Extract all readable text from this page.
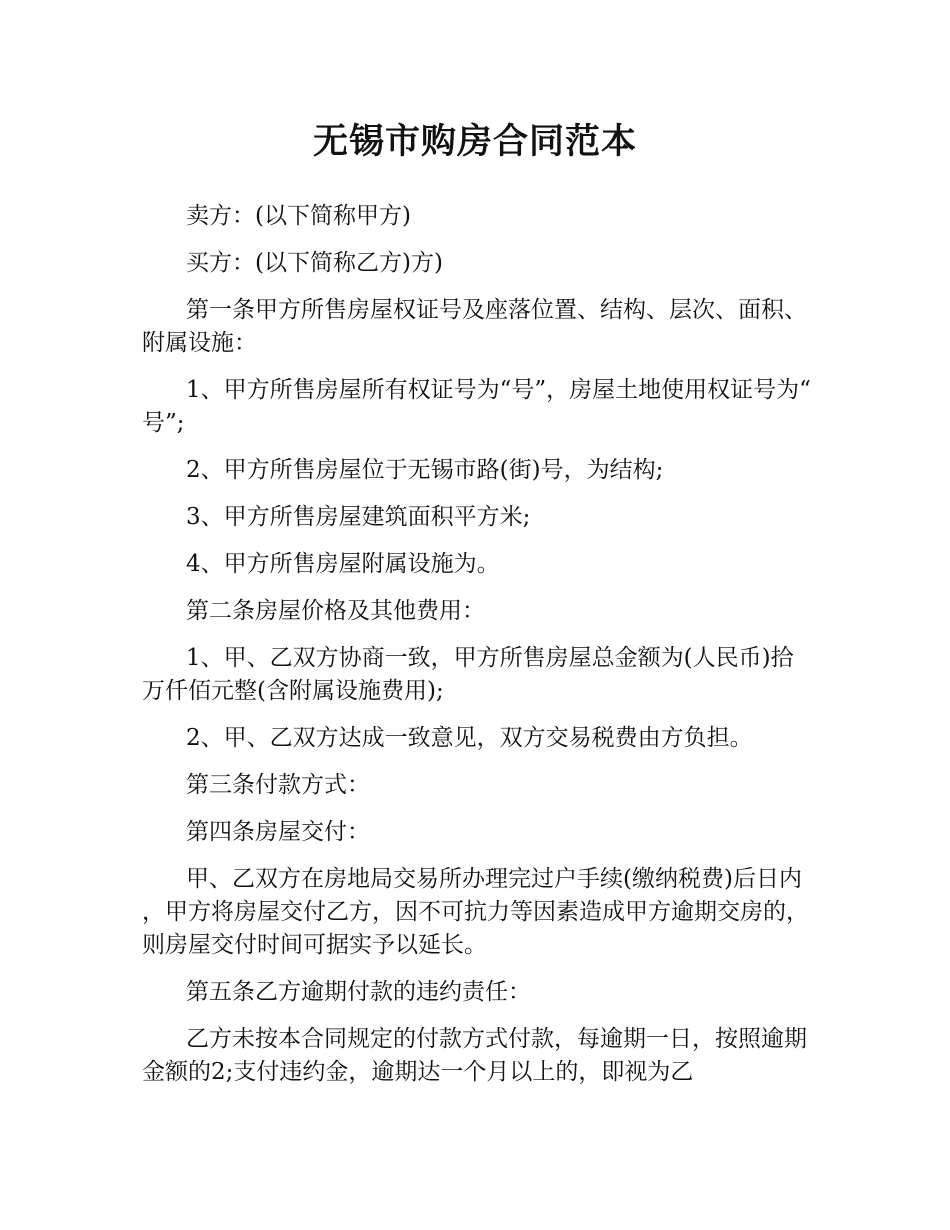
无锡市购房合同范本

卖方：(以下简称甲方)

买方：(以下简称乙方)方)

第一条甲方所售房屋权证号及座落位置、结构、层次、面积、附属设施：

1、甲方所售房屋所有权证号为“号”，房屋土地使用权证号为“号”;

2、甲方所售房屋位于无锡市路(街)号，为结构;

3、甲方所售房屋建筑面积平方米;

4、甲方所售房屋附属设施为。

第二条房屋价格及其他费用：

1、甲、乙双方协商一致，甲方所售房屋总金额为(人民币)拾万仟佰元整(含附属设施费用);

2、甲、乙双方达成一致意见，双方交易税费由方负担。

第三条付款方式：

第四条房屋交付：

甲、乙双方在房地局交易所办理完过户手续(缴纳税费)后日内，甲方将房屋交付乙方，因不可抗力等因素造成甲方逾期交房的，则房屋交付时间可据实予以延长。

第五条乙方逾期付款的违约责任：

乙方未按本合同规定的付款方式付款，每逾期一日，按照逾期金额的2;支付违约金，逾期达一个月以上的，即视为乙
